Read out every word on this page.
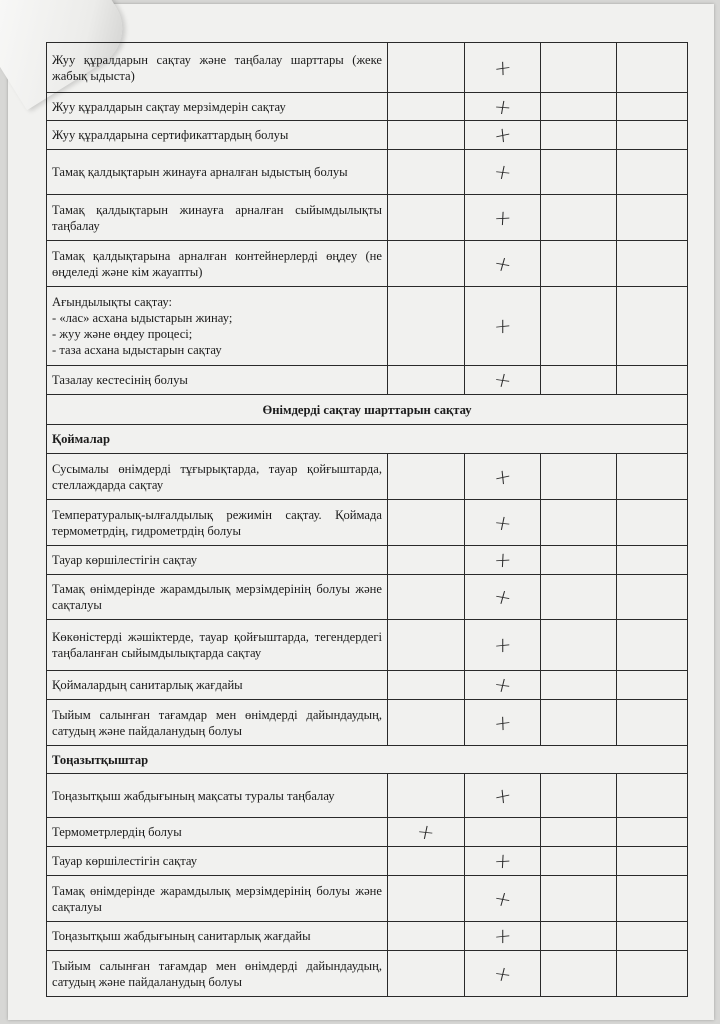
Жуу құралдарын сақтау және таңбалау шарттары (жеке жабық ыдыста)		+		
Жуу құралдарын сақтау мерзімдерін сақтау		+		
Жуу құралдарына сертификаттардың болуы		+		
Тамақ қалдықтарын жинауға арналған ыдыстың болуы		+		
Тамақ қалдықтарын жинауға арналған сыйымдылықты таңбалау		+		
Тамақ қалдықтарына арналған контейнерлерді өңдеу (не өңделеді және кім жауапты)		+		
Ағындылықты сақтау:
- «лас» асхана ыдыстарын жинау;
- жуу және өңдеу процесі;
- таза асхана ыдыстарын сақтау		+		
Тазалау кестесінің болуы		+		
Өнімдерді сақтау шарттарын сақтау				
Қоймалар				
Сусымалы өнімдерді тұғырықтарда, тауар қойғыштарда, стеллаждарда сақтау		+		
Температуралық-ылғалдылық режимін сақтау. Қоймада термометрдің, гидрометрдің болуы		+		
Тауар көршілестігін сақтау		+		
Тамақ өнімдерінде жарамдылық мерзімдерінің болуы және сақталуы		+		
Көкөністерді жәшіктерде, тауар қойғыштарда, тегендердегі таңбаланған сыйымдылықтарда сақтау		+		
Қоймалардың санитарлық жағдайы		+		
Тыйым салынған тағамдар мен өнімдерді дайындаудың, сатудың және пайдаланудың болуы		+		
Тоңазытқыштар				
Тоңазытқыш жабдығының мақсаты туралы таңбалау		+		
Термометрлердің болуы	+			
Тауар көршілестігін сақтау		+		
Тамақ өнімдерінде жарамдылық мерзімдерінің болуы және сақталуы		+		
Тоңазытқыш жабдығының санитарлық жағдайы		+		
Тыйым салынған тағамдар мен өнімдерді дайындаудың, сатудың және пайдаланудың болуы		+		
